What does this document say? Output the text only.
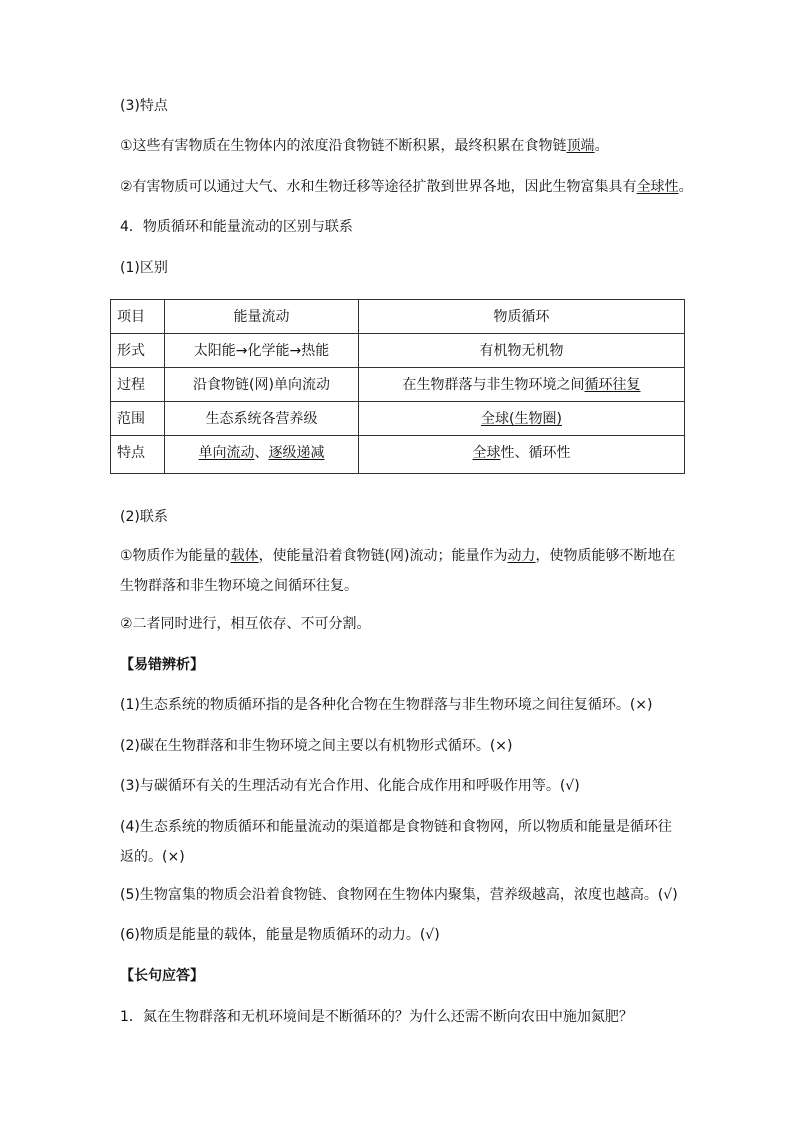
(3)特点
①这些有害物质在生物体内的浓度沿食物链不断积累，最终积累在食物链顶端。
②有害物质可以通过大气、水和生物迁移等途径扩散到世界各地，因此生物富集具有全球性。
4．物质循环和能量流动的区别与联系
(1)区别
项目	能量流动	物质循环
形式	太阳能→化学能→热能	有机物无机物
过程	沿食物链(网)单向流动	在生物群落与非生物环境之间循环往复
范围	生态系统各营养级	全球(生物圈)
特点	单向流动、逐级递减	全球性、循环性
(2)联系
①物质作为能量的载体，使能量沿着食物链(网)流动；能量作为动力，使物质能够不断地在生物群落和非生物环境之间循环往复。
②二者同时进行，相互依存、不可分割。
【易错辨析】
(1)生态系统的物质循环指的是各种化合物在生物群落与非生物环境之间往复循环。(×)
(2)碳在生物群落和非生物环境之间主要以有机物形式循环。(×)
(3)与碳循环有关的生理活动有光合作用、化能合成作用和呼吸作用等。(√)
(4)生态系统的物质循环和能量流动的渠道都是食物链和食物网，所以物质和能量是循环往返的。(×)
(5)生物富集的物质会沿着食物链、食物网在生物体内聚集，营养级越高，浓度也越高。(√)
(6)物质是能量的载体，能量是物质循环的动力。(√)
【长句应答】
1．氮在生物群落和无机环境间是不断循环的？为什么还需不断向农田中施加氮肥？
